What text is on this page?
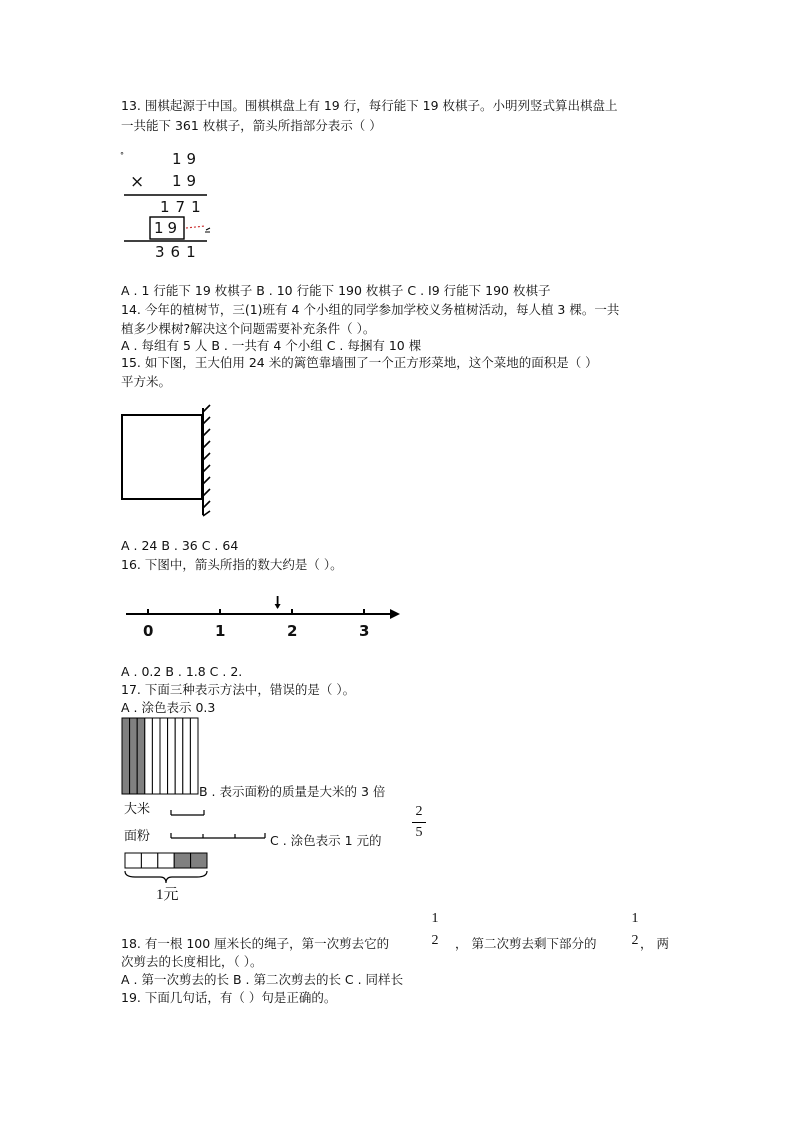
13. 围棋起源于中国。围棋棋盘上有 19 行，每行能下 19 枚棋子。小明列竖式算出棋盘上
一共能下 361 枚棋子，箭头所指部分表示（ ）
19
× 19
°
171
19
361
A . 1 行能下 19 枚棋子 B . 10 行能下 190 枚棋子 C . I9 行能下 190 枚棋子
14. 今年的植树节，三(1)班有 4 个小组的同学参加学校义务植树活动，每人植 3 棵。一共
植多少棵树?解决这个问题需要补充条件（ ）。
A . 每组有 5 人 B . 一共有 4 个小组 C . 每捆有 10 棵
15. 如下图，王大伯用 24 米的篱笆靠墙围了一个正方形菜地，这个菜地的面积是（ ）
平方米。
A . 24 B . 36 C . 64
16. 下图中，箭头所指的数大约是（ ）。
0	1	2	3
A . 0.2 B . 1.8 C . 2.
17. 下面三种表示方法中，错误的是（ ）。
A . 涂色表示 0.3
B . 表示面粉的质量是大米的 3 倍
大米
面粉	C . 涂色表示 1 元的
2
5
1元
18. 有一根 100 厘米长的绳子，第一次剪去它的
1
2 ， 第二次剪去剩下部分的
1
2 ， 两
次剪去的长度相比，（ ）。
A . 第一次剪去的长 B . 第二次剪去的长 C . 同样长
19. 下面几句话，有（ ）句是正确的。
